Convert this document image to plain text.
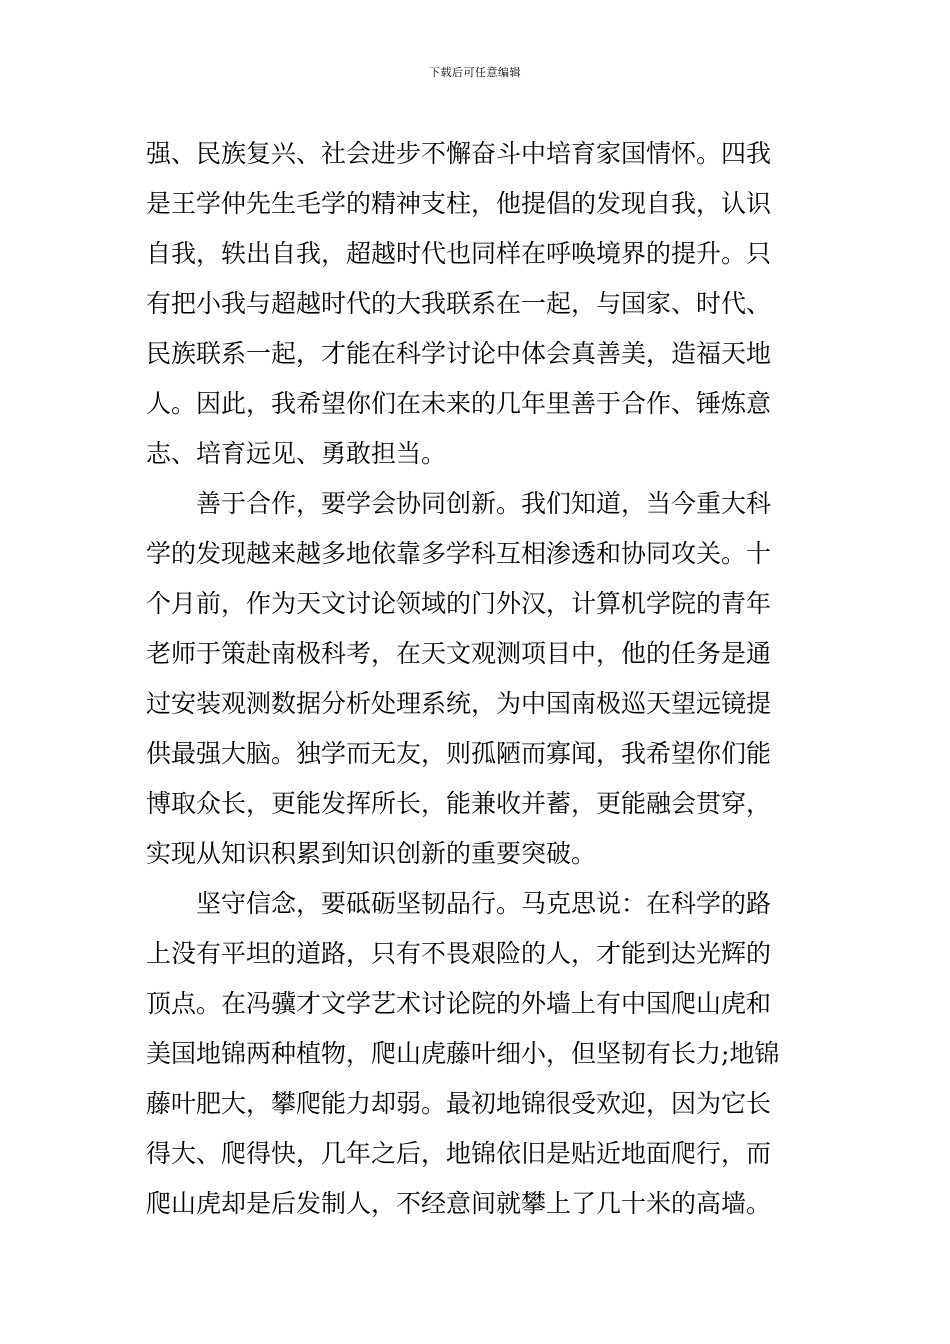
下载后可任意编辑
强、民族复兴、社会进步不懈奋斗中培育家国情怀。四我
是王学仲先生毛学的精神支柱，他提倡的发现自我，认识
自我，轶出自我，超越时代也同样在呼唤境界的提升。只
有把小我与超越时代的大我联系在一起，与国家、时代、
民族联系一起，才能在科学讨论中体会真善美，造福天地
人。因此，我希望你们在未来的几年里善于合作、锤炼意
志、培育远见、勇敢担当。
善于合作，要学会协同创新。我们知道，当今重大科
学的发现越来越多地依靠多学科互相渗透和协同攻关。十
个月前，作为天文讨论领域的门外汉，计算机学院的青年
老师于策赴南极科考，在天文观测项目中，他的任务是通
过安装观测数据分析处理系统，为中国南极巡天望远镜提
供最强大脑。独学而无友，则孤陋而寡闻，我希望你们能
博取众长，更能发挥所长，能兼收并蓄，更能融会贯穿，
实现从知识积累到知识创新的重要突破。
坚守信念，要砥砺坚韧品行。马克思说：在科学的路
上没有平坦的道路，只有不畏艰险的人，才能到达光辉的
顶点。在冯骥才文学艺术讨论院的外墙上有中国爬山虎和
美国地锦两种植物，爬山虎藤叶细小，但坚韧有长力;地锦
藤叶肥大，攀爬能力却弱。最初地锦很受欢迎，因为它长
得大、爬得快，几年之后，地锦依旧是贴近地面爬行，而
爬山虎却是后发制人，不经意间就攀上了几十米的高墙。
